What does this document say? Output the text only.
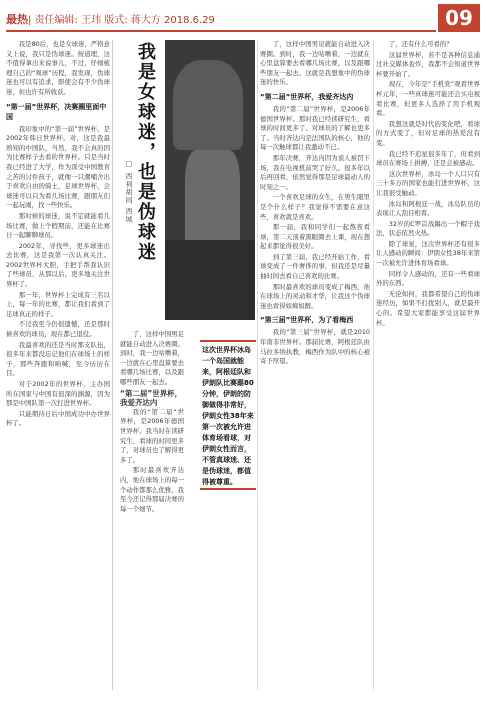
最热| 责任编辑: 王玮 版式: 蒋大方 2018.6.29	09

我是80后，也是女球迷，严格意义上说，我只是伪球迷。按道理，这不值得拿出来说事儿，不过，仔细梳理自己的“观球”历程，我发现，伪球迷也可以有追求，即使会有不少伪球迷，但也许有所收获。

“第一届”世界杯，决赛圈里面中国

我印象中的“第一届”世界杯，是2002年韩日世界杯。对，这是我最熟知的中国队，当然，我不会真的因为比赛样子去看的世界杯。只是当时我已经进了大学，作为深受中国教育之苦的讨件孩子，就像一只潮哺舍出于喜欢自由的骑士，足球世界杯，会球迷可以只为看几场比赛，跟朋友们一起玩闹，找一些快乐。

那时候的球迷，说不定就能看几场比赛，做上个假期前，还能在比赛日一起聊聊球员。

2002年，寻找些，更多球迷出去比赛，这是我第一次认真关注。2002世界杯大胆，手把手帮我认识了些球员，从那以后，更多地关注世界杯了。

那一年，世界杯上完成有三名以上，每一年的比赛，都让我们看到了足球真正的样子。

不过我至今仍很遗憾，还是那时候喜欢的球员，现在都已退役。

我最喜欢的还是当时那支队伍，很多年来都没忘记他们在球场上的样子，那些奔跑和呐喊，至今历历在目。

对于2002年的世界杯，主办国所在国家与中国有很深的渊源，因为那是中国队第一次打进世界杯。

只能期待日后中国成功中办世界杯了。

我是女球迷，也是伪球迷
□ 西祠胡同 西城

了，这样中国男足就能自动进入决赛圈。到时，我一边咕噜着，一边就在心里盘算要去看哪几场比赛，以及跟哪些朋友一起去。

“第二届”世界杯，我爱齐达内

我的“第二届”世界杯，是2006年德国世界杯。我当时在读研究生，看球的时间更多了，对球员也了解得更多了。

那时最喜欢齐达内，他在球场上的每一个动作都那么优雅，我至今还记得那届决赛的每一个细节。

这次世界杯冰岛一个岛国就能来，阿根廷队和伊朗队比赛踢80分钟，伊朗的防御做得非常好，伊朗女性38年来第一次被允许进体育场看球，对伊朗女性而言，不管真球迷、还是伪球迷，都值得被尊重。

了，这样中国男足就能自动进入决赛圈。到时，我一边咕噜着，一边就在心里盘算要去看哪几场比赛，以及跟哪些朋友一起去。这就是我想象中的伪球迷的快乐。

“第二届”世界杯，我爱齐达内

我的“第二届”世界杯，是2006年德国世界杯。那时我已经读研究生，看球的时间更多了，对球员的了解也更多了。当时齐达内是法国队的核心，他的每一次触球都让我激动不已。

那年决赛，齐达内因为顶人被罚下场，我在电视机前哭了好久。很多年以后再回看，依然觉得那是足球最动人的时刻之一。

一个喜欢足球的女生，在男生眼里是个什么样子？我觉得不需要在意这些，喜欢就是喜欢。

那一届，我和同学们一起熬夜看球，第二天顶着黑眼圈去上课，现在想起来都觉得很美好。

到了第三届，我已经开始工作，看球变成了一件奢侈的事，但我还是尽量抽时间去看自己喜欢的比赛。

那时最喜欢的球员变成了梅西，他在球场上的灵动和才华，让我这个伪球迷也看得如痴如醉。

“第三届”世界杯，为了看梅西

我的“第三届”世界杯，就是2010年南非世界杯。那届比赛，阿根廷队由马拉多纳执教，梅西作为队中的核心被寄予厚望。

了，还有什么可看的？

这届世界杯，若不是各种信息通过社交媒体轰炸，我都不会知道世界杯要开始了。

现在，今年是“手机党”观看世界杯元年，一些真球迷可能还会买电视看比赛，但更多人选择了用手机观看。

我想这就是时代的变化吧，看球的方式变了，但对足球的热爱没有变。

我已经不追星很多年了，但看到球员在赛场上拼搏，还是会被感动。

这次世界杯，冰岛一个人口只有三十多万的国家也能打进世界杯，这让我很受触动。

冰岛和阿根廷一战，冰岛队员的表现让人刮目相看。

32岁的C罗首战踢出一个帽子戏法，状态依然火热。

除了球星，这次世界杯还有很多让人感动的瞬间：伊朗女性38年来第一次被允许进体育场看球。

同样令人感动的，还有一些看球外的东西。

无论如何，我都希望自己的伪球迷经历，如果不打扰别人，就是最开心的。希望大家都能享受这届世界杯。
